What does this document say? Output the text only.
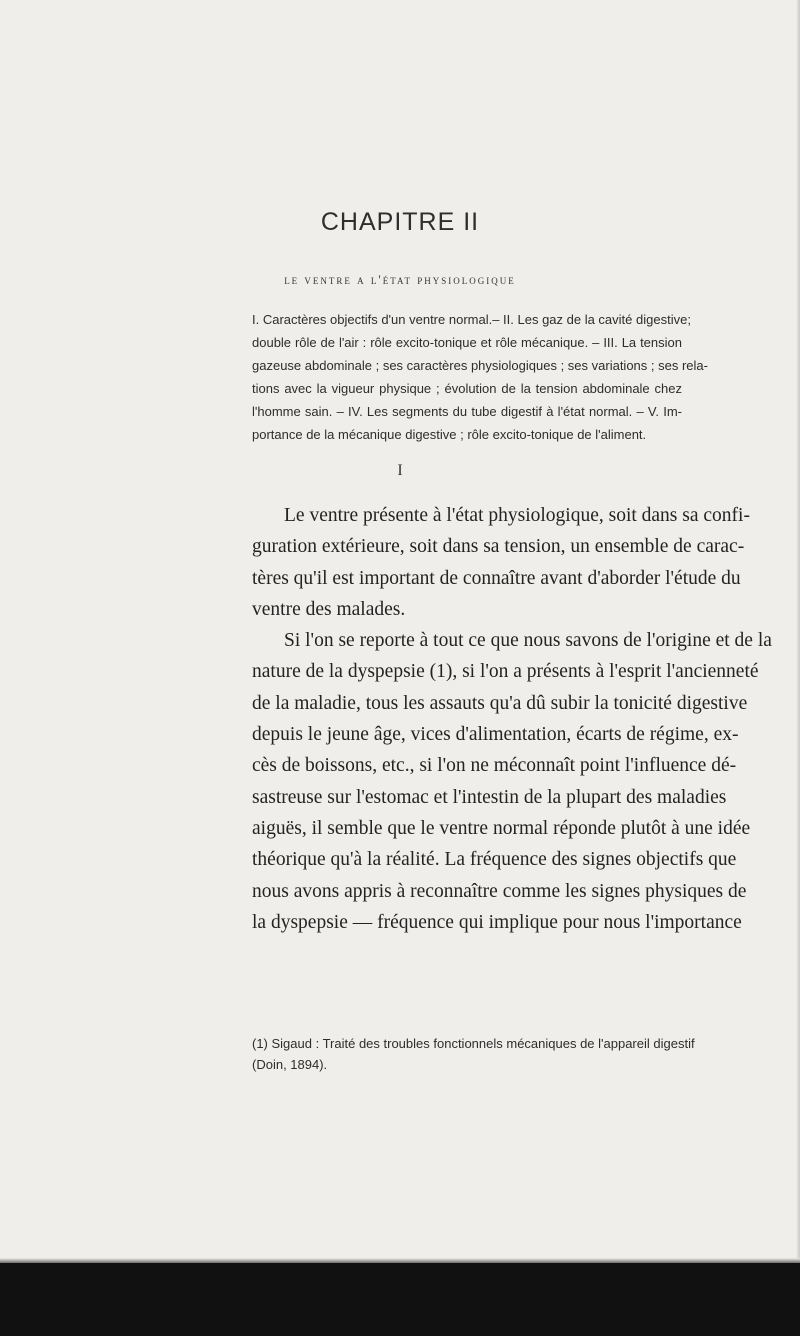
CHAPITRE II
le ventre a l'état physiologique
I. Caractères objectifs d'un ventre normal.– II. Les gaz de la cavité digestive;
double rôle de l'air : rôle excito-tonique et rôle mécanique. – III. La tension
gazeuse abdominale ; ses caractères physiologiques ; ses variations ; ses rela-
tions avec la vigueur physique ; évolution de la tension abdominale chez
l'homme sain. – IV. Les segments du tube digestif à l'état normal. – V. Im-
portance de la mécanique digestive ; rôle excito-tonique de l'aliment.
I
Le ventre présente à l'état physiologique, soit dans sa confi-
guration extérieure, soit dans sa tension, un ensemble de carac-
tères qu'il est important de connaître avant d'aborder l'étude du
ventre des malades.
Si l'on se reporte à tout ce que nous savons de l'origine et de la
nature de la dyspepsie (1), si l'on a présents à l'esprit l'ancienneté
de la maladie, tous les assauts qu'a dû subir la tonicité digestive
depuis le jeune âge, vices d'alimentation, écarts de régime, ex-
cès de boissons, etc., si l'on ne méconnaît point l'influence dé-
sastreuse sur l'estomac et l'intestin de la plupart des maladies
aiguës, il semble que le ventre normal réponde plutôt à une idée
théorique qu'à la réalité. La fréquence des signes objectifs que
nous avons appris à reconnaître comme les signes physiques de
la dyspepsie — fréquence qui implique pour nous l'importance
(1) Sigaud : Traité des troubles fonctionnels mécaniques de l'appareil digestif
(Doin, 1894).
